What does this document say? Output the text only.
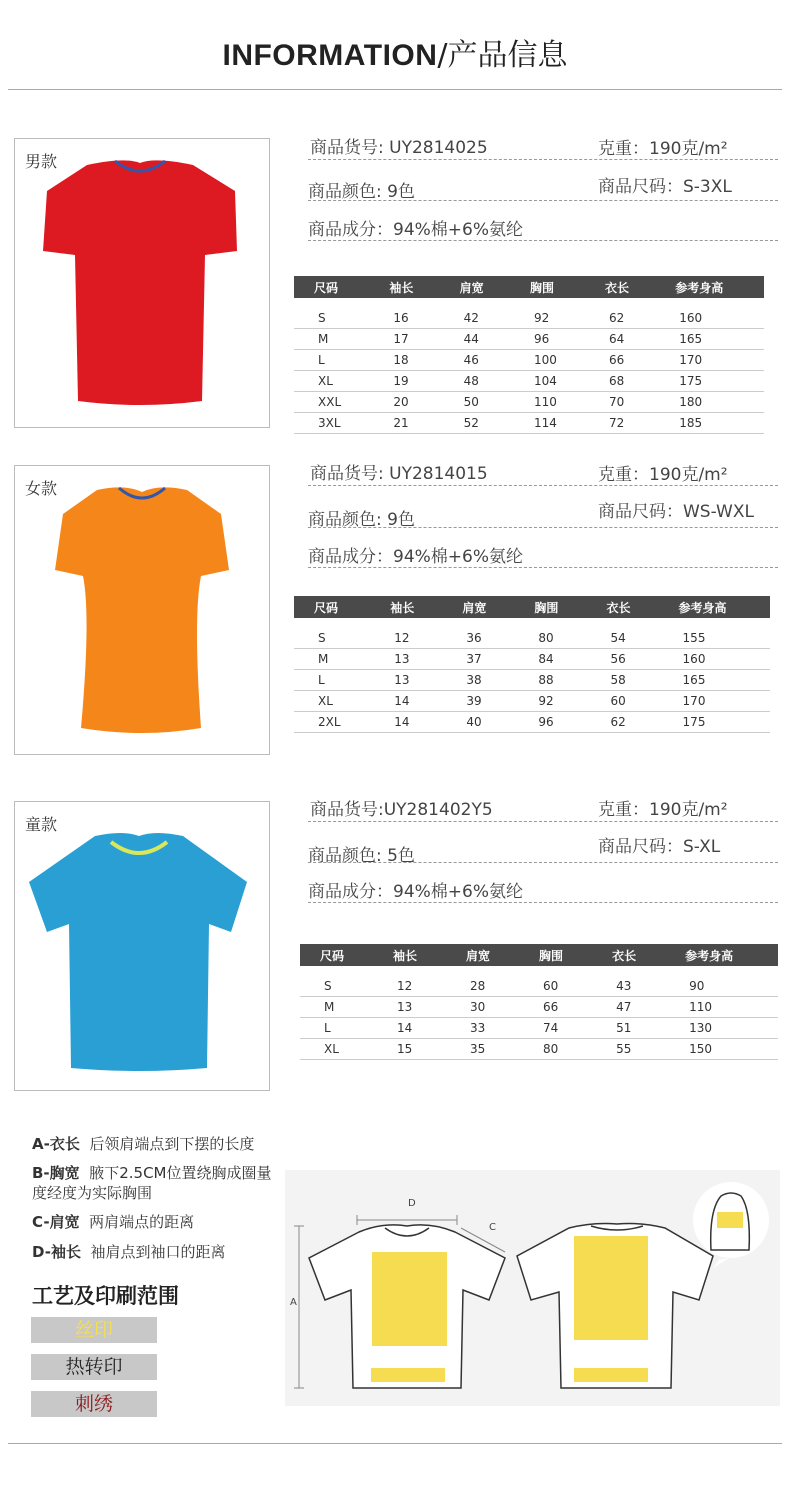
INFORMATION/产品信息
男款
商品货号: UY2814025	克重：190克/m²
商品颜色: 9色	商品尺码：S-3XL
商品成分：94%棉+6%氨纶
尺码	袖长	肩宽	胸围	衣长	参考身高

S	16	42	92	62	160
M	17	44	96	64	165
L	18	46	100	66	170
XL	19	48	104	68	175
XXL	20	50	110	70	180
3XL	21	52	114	72	185
女款
商品货号: UY2814015	克重：190克/m²
商品颜色: 9色	商品尺码：WS-WXL
商品成分：94%棉+6%氨纶
尺码	袖长	肩宽	胸围	衣长	参考身高

S	12	36	80	54	155
M	13	37	84	56	160
L	13	38	88	58	165
XL	14	39	92	60	170
2XL	14	40	96	62	175
童款
商品货号:UY281402Y5	克重：190克/m²
商品颜色: 5色	商品尺码：S-XL
商品成分：94%棉+6%氨纶
尺码	袖长	肩宽	胸围	衣长	参考身高

S	12	28	60	43	90
M	13	30	66	47	110
L	14	33	74	51	130
XL	15	35	80	55	150
A-衣长 后领肩端点到下摆的长度
B-胸宽 腋下2.5CM位置绕胸成圈量度经度为实际胸围
C-肩宽 两肩端点的距离
D-袖长 袖肩点到袖口的距离
工艺及印刷范围
丝印
热转印
刺绣
A
D
C
